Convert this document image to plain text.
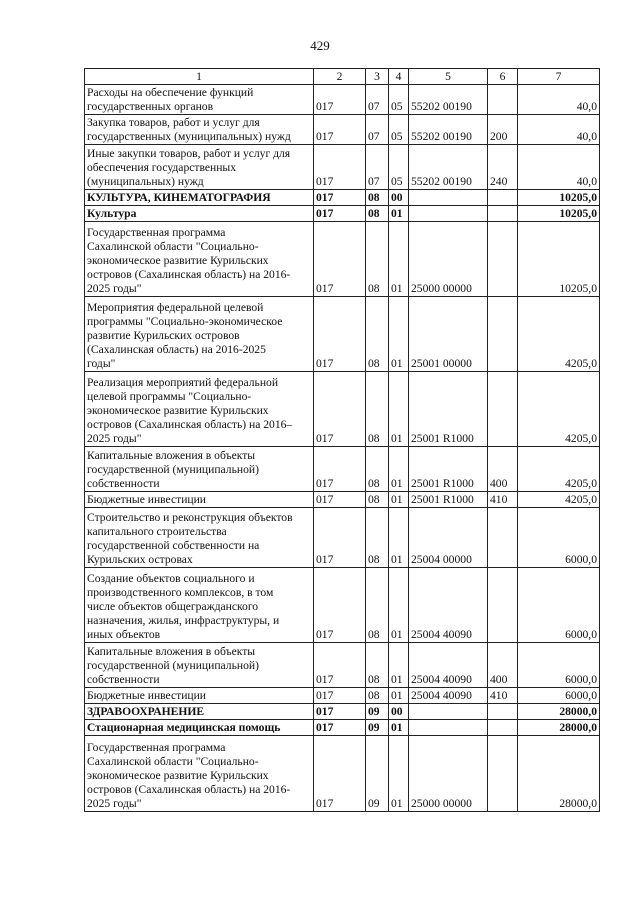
429
1	2	3	4	5	6	7
Расходы на обеспечение функций
государственных органов	017	07	05	55202 00190		40,0
Закупка товаров, работ и услуг для
государственных (муниципальных) нужд	017	07	05	55202 00190	200	40,0
Иные закупки товаров, работ и услуг для
обеспечения государственных
(муниципальных) нужд	017	07	05	55202 00190	240	40,0
КУЛЬТУРА, КИНЕМАТОГРАФИЯ	017	08	00			10205,0
Культура	017	08	01			10205,0
Государственная программа
Сахалинской области "Социально-
экономическое развитие Курильских
островов (Сахалинская область) на 2016-
2025 годы"	017	08	01	25000 00000		10205,0
Мероприятия федеральной целевой
программы "Социально-экономическое
развитие Курильских островов
(Сахалинская область) на 2016-2025
годы"	017	08	01	25001 00000		4205,0
Реализация мероприятий федеральной
целевой программы "Социально-
экономическое развитие Курильских
островов (Сахалинская область) на 2016–
2025 годы"	017	08	01	25001 R1000		4205,0
Капитальные вложения в объекты
государственной (муниципальной)
собственности	017	08	01	25001 R1000	400	4205,0
Бюджетные инвестиции	017	08	01	25001 R1000	410	4205,0
Строительство и реконструкция объектов
капитального строительства
государственной собственности на
Курильских островах	017	08	01	25004 00000		6000,0
Создание объектов социального и
производственного комплексов, в том
числе объектов общегражданского
назначения, жилья, инфраструктуры, и
иных объектов	017	08	01	25004 40090		6000,0
Капитальные вложения в объекты
государственной (муниципальной)
собственности	017	08	01	25004 40090	400	6000,0
Бюджетные инвестиции	017	08	01	25004 40090	410	6000,0
ЗДРАВООХРАНЕНИЕ	017	09	00			28000,0
Стационарная медицинская помощь	017	09	01			28000,0
Государственная программа
Сахалинской области "Социально-
экономическое развитие Курильских
островов (Сахалинская область) на 2016-
2025 годы"	017	09	01	25000 00000		28000,0
